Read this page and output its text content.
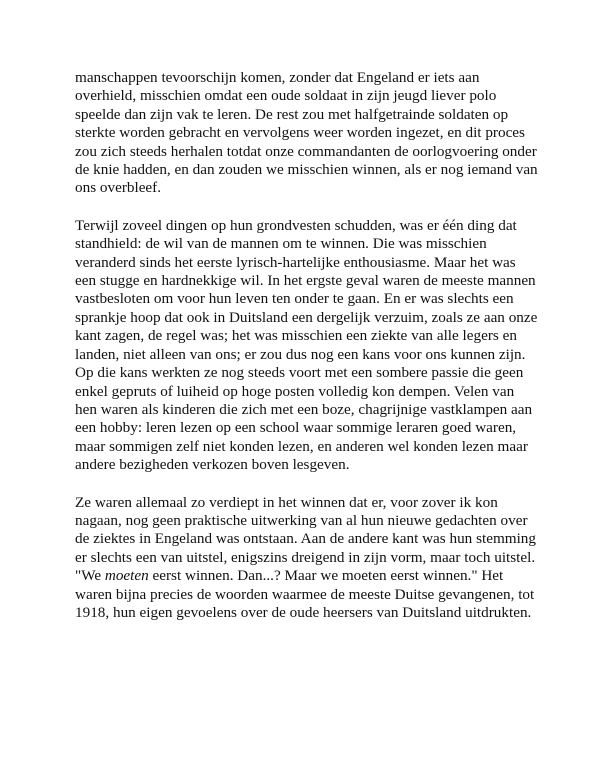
manschappen tevoorschijn komen, zonder dat Engeland er iets aan
overhield, misschien omdat een oude soldaat in zijn jeugd liever polo
speelde dan zijn vak te leren. De rest zou met halfgetrainde soldaten op
sterkte worden gebracht en vervolgens weer worden ingezet, en dit proces
zou zich steeds herhalen totdat onze commandanten de oorlogvoering onder
de knie hadden, en dan zouden we misschien winnen, als er nog iemand van
ons overbleef.

Terwijl zoveel dingen op hun grondvesten schudden, was er één ding dat
standhield: de wil van de mannen om te winnen. Die was misschien
veranderd sinds het eerste lyrisch-hartelijke enthousiasme. Maar het was
een stugge en hardnekkige wil. In het ergste geval waren de meeste mannen
vastbesloten om voor hun leven ten onder te gaan. En er was slechts een
sprankje hoop dat ook in Duitsland een dergelijk verzuim, zoals ze aan onze
kant zagen, de regel was; het was misschien een ziekte van alle legers en
landen, niet alleen van ons; er zou dus nog een kans voor ons kunnen zijn.
Op die kans werkten ze nog steeds voort met een sombere passie die geen
enkel gepruts of luiheid op hoge posten volledig kon dempen. Velen van
hen waren als kinderen die zich met een boze, chagrijnige vastklampen aan
een hobby: leren lezen op een school waar sommige leraren goed waren,
maar sommigen zelf niet konden lezen, en anderen wel konden lezen maar
andere bezigheden verkozen boven lesgeven.

Ze waren allemaal zo verdiept in het winnen dat er, voor zover ik kon
nagaan, nog geen praktische uitwerking van al hun nieuwe gedachten over
de ziektes in Engeland was ontstaan. Aan de andere kant was hun stemming
er slechts een van uitstel, enigszins dreigend in zijn vorm, maar toch uitstel.
"We moeten eerst winnen. Dan...? Maar we moeten eerst winnen." Het
waren bijna precies de woorden waarmee de meeste Duitse gevangenen, tot
1918, hun eigen gevoelens over de oude heersers van Duitsland uitdrukten.
